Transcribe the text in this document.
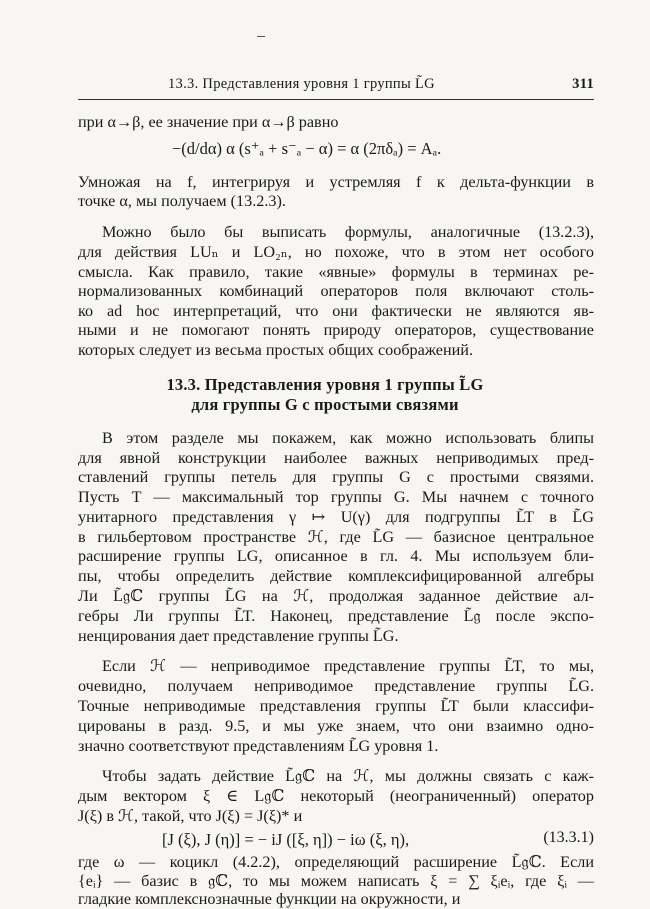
13.3. Представления уровня 1 группы L̃G	311
при α→β, ее значение при α→β равно
−(d/dα) α (s⁺ₐ + s⁻ₐ − α) = α (2πδₐ) = Aₐ.
Умножая на f, интегрируя и устремляя f к дельта-функции в
точке α, мы получаем (13.2.3).
Можно было бы выписать формулы, аналогичные (13.2.3),
для действия LUₙ и LO₂ₙ, но похоже, что в этом нет особого
смысла. Как правило, такие «явные» формулы в терминах ре-
нормализованных комбинаций операторов поля включают столь-
ко ad hoc интерпретаций, что они фактически не являются яв-
ными и не помогают понять природу операторов, существование
которых следует из весьма простых общих соображений.
13.3. Представления уровня 1 группы L̃G
для группы G с простыми связями
В этом разделе мы покажем, как можно использовать блипы
для явной конструкции наиболее важных неприводимых пред-
ставлений группы петель для группы G с простыми связями.
Пусть T — максимальный тор группы G. Мы начнем с точного
унитарного представления γ ↦ U(γ) для подгруппы L̃T в L̃G
в гильбертовом пространстве ℋ, где L̃G — базисное центральное
расширение группы LG, описанное в гл. 4. Мы используем бли-
пы, чтобы определить действие комплексифицированной алгебры
Ли L̃𝔤ℂ группы L̃G на ℋ, продолжая заданное действие ал-
гебры Ли группы L̃T. Наконец, представление L̃𝔤 после экспо-
ненцирования дает представление группы L̃G.
Если ℋ — неприводимое представление группы L̃T, то мы,
очевидно, получаем неприводимое представление группы L̃G.
Точные неприводимые представления группы L̃T были классифи-
цированы в разд. 9.5, и мы уже знаем, что они взаимно одно-
значно соответствуют представлениям L̃G уровня 1.
Чтобы задать действие L̃𝔤ℂ на ℋ, мы должны связать с каж-
дым вектором ξ ∈ L𝔤ℂ некоторый (неограниченный) оператор
J(ξ) в ℋ, такой, что J(ξ) = J(ξ)* и
[J (ξ), J (η)] = − iJ ([ξ, η]) − iω (ξ, η),	(13.3.1)
где ω — коцикл (4.2.2), определяющий расширение L̃𝔤ℂ. Если
{eᵢ} — базис в 𝔤ℂ, то мы можем написать ξ = ∑ ξᵢeᵢ, где ξᵢ —
гладкие комплекснозначные функции на окружности, и
